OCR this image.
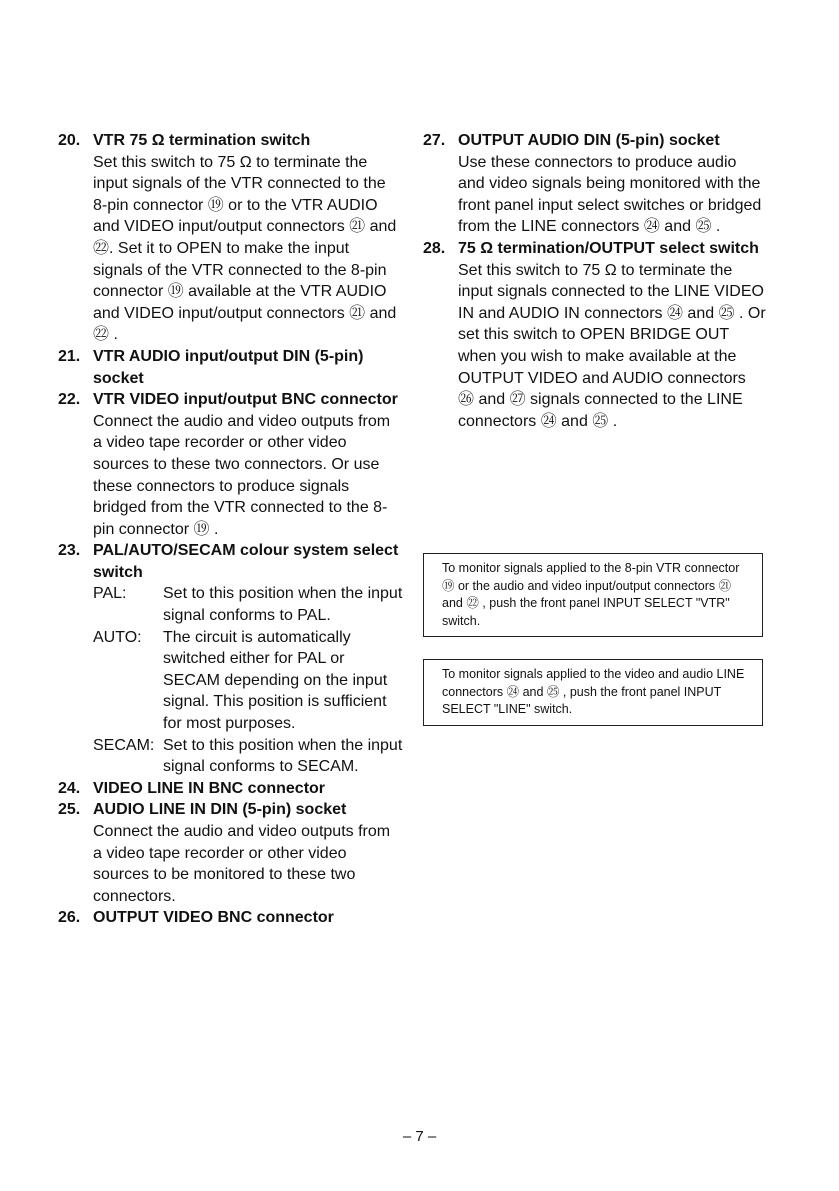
20. VTR 75 Ω termination switch
Set this switch to 75 Ω to terminate the input signals of the VTR connected to the 8-pin connector ⑲ or to the VTR AUDIO and VIDEO input/output connectors ㉑ and ㉒. Set it to OPEN to make the input signals of the VTR connected to the 8-pin connector ⑲ available at the VTR AUDIO and VIDEO input/output connectors ㉑ and ㉒ .
21. VTR AUDIO input/output DIN (5-pin) socket
22. VTR VIDEO input/output BNC connector
Connect the audio and video outputs from a video tape recorder or other video sources to these two connectors. Or use these connectors to produce signals bridged from the VTR connected to the 8-pin connector ⑲ .
23. PAL/AUTO/SECAM colour system select switch
PAL:	Set to this position when the input signal conforms to PAL.
AUTO:	The circuit is automatically switched either for PAL or SECAM depending on the input signal. This position is sufficient for most purposes.
SECAM: Set to this position when the input signal conforms to SECAM.
24. VIDEO LINE IN BNC connector
25. AUDIO LINE IN DIN (5-pin) socket
Connect the audio and video outputs from a video tape recorder or other video sources to be monitored to these two connectors.
26. OUTPUT VIDEO BNC connector
27. OUTPUT AUDIO DIN (5-pin) socket
Use these connectors to produce audio and video signals being monitored with the front panel input select switches or bridged from the LINE connectors ㉔ and ㉕ .
28. 75 Ω termination/OUTPUT select switch
Set this switch to 75 Ω to terminate the input signals connected to the LINE VIDEO IN and AUDIO IN connectors ㉔ and ㉕ . Or set this switch to OPEN BRIDGE OUT when you wish to make available at the OUTPUT VIDEO and AUDIO connectors ㉖ and ㉗ signals connected to the LINE connectors ㉔ and ㉕ .
To monitor signals applied to the 8-pin VTR connector ⑲ or the audio and video input/output connectors ㉑ and ㉒ , push the front panel INPUT SELECT "VTR" switch.
To monitor signals applied to the video and audio LINE connectors ㉔ and ㉕ , push the front panel INPUT SELECT "LINE" switch.
– 7 –
